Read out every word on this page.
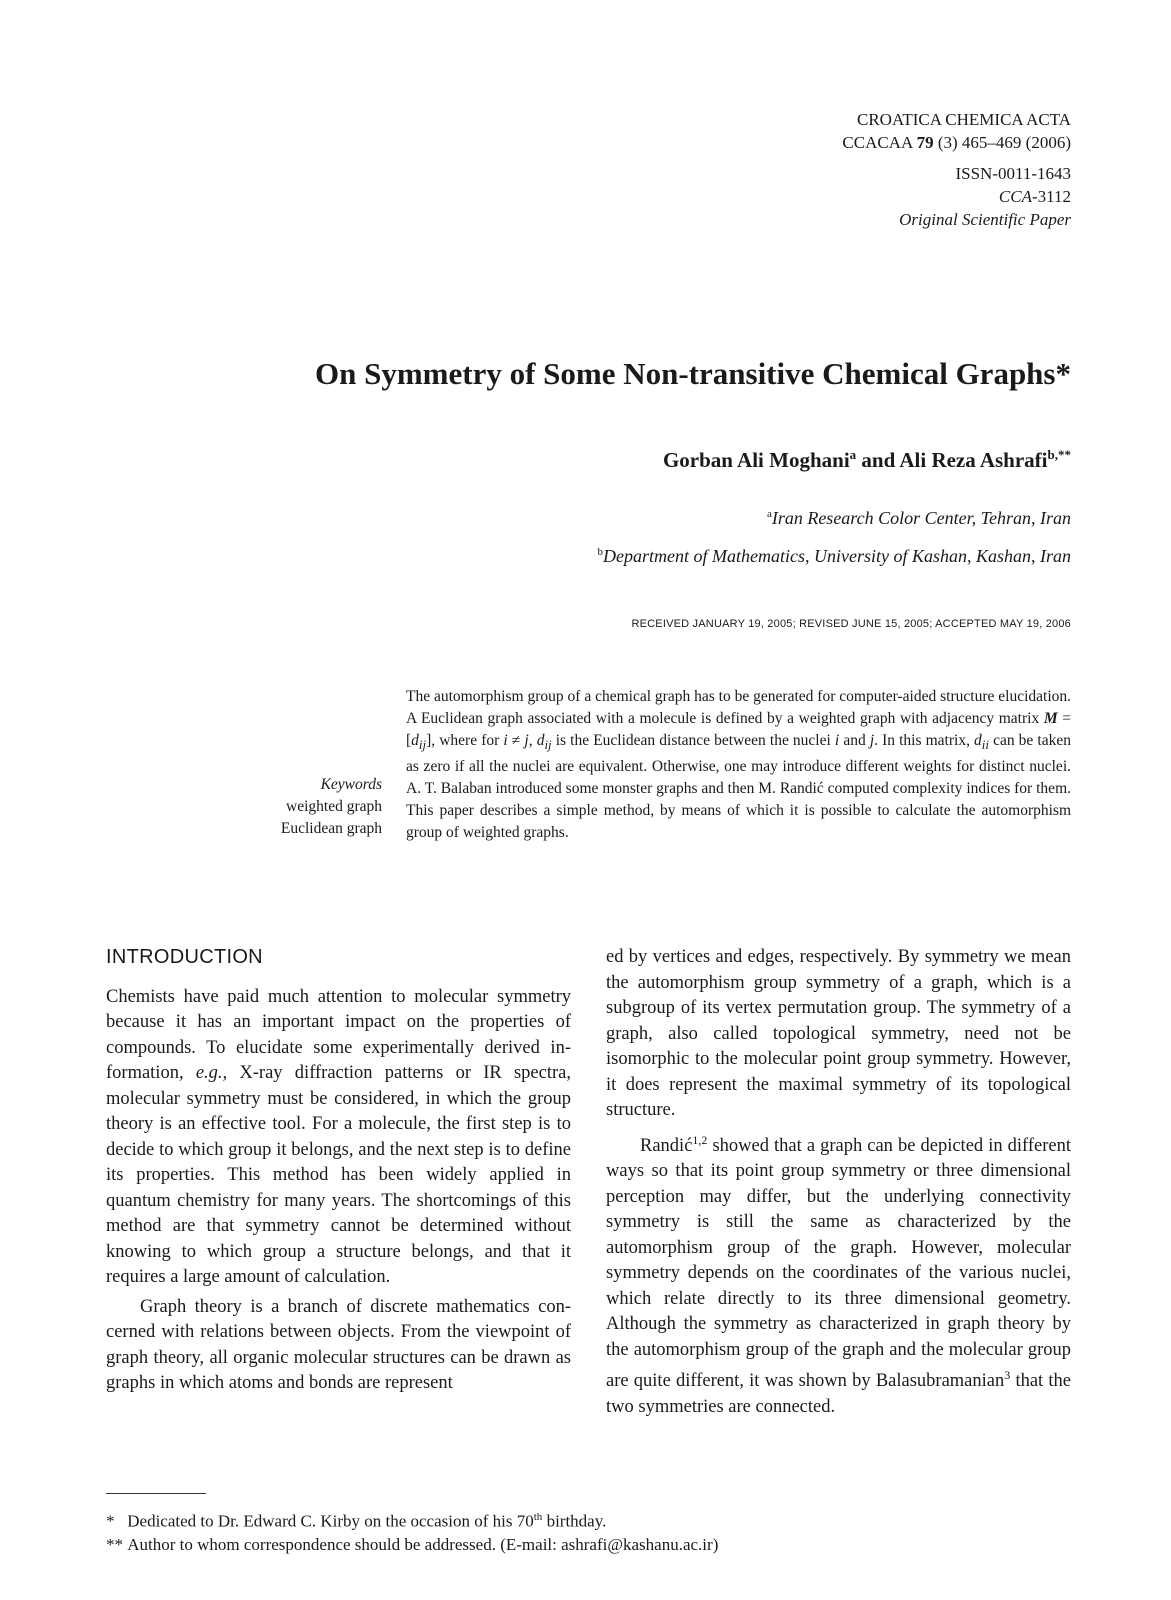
CROATICA CHEMICA ACTA
CCACAA 79 (3) 465–469 (2006)
ISSN-0011-1643
CCA-3112
Original Scientific Paper
On Symmetry of Some Non-transitive Chemical Graphs*
Gorban Ali Moghani$^a$ and Ali Reza Ashrafi$^{b,**}$
$^a$Iran Research Color Center, Tehran, Iran
$^b$Department of Mathematics, University of Kashan, Kashan, Iran
RECEIVED JANUARY 19, 2005; REVISED JUNE 15, 2005; ACCEPTED MAY 19, 2006
Keywords
weighted graph
Euclidean graph
The automorphism group of a chemical graph has to be generated for computer-aided structure elucidation. A Euclidean graph associated with a molecule is defined by a weighted graph with adjacency matrix $M = [d_{ij}]$, where for i ≠ j, $d_{ij}$ is the Euclidean distance between the nuclei i and j. In this matrix, $d_{ii}$ can be taken as zero if all the nuclei are equivalent. Otherwise, one may introduce different weights for distinct nuclei. A. T. Balaban introduced some monster graphs and then M. Randić computed complexity indices for them. This paper describes a simple method, by means of which it is possible to calculate the automorphism group of weighted graphs.
INTRODUCTION

Chemists have paid much attention to molecular symmetry because it has an important impact on the properties of compounds. To elucidate some experimentally derived information, e.g., X-ray diffraction patterns or IR spectra, molecular symmetry must be considered, in which the group theory is an effective tool. For a molecule, the first step is to decide to which group it belongs, and the next step is to define its properties. This method has been widely applied in quantum chemistry for many years. The shortcomings of this method are that symmetry cannot be determined without knowing to which group a structure belongs, and that it requires a large amount of calculation.

Graph theory is a branch of discrete mathematics concerned with relations between objects. From the viewpoint of graph theory, all organic molecular structures can be drawn as graphs in which atoms and bonds are represent

ed by vertices and edges, respectively. By symmetry we mean the automorphism group symmetry of a graph, which is a subgroup of its vertex permutation group. The symmetry of a graph, also called topological symmetry, need not be isomorphic to the molecular point group symmetry. However, it does represent the maximal symmetry of its topological structure.

Randić$^{1,2}$ showed that a graph can be depicted in different ways so that its point group symmetry or three dimensional perception may differ, but the underlying connectivity symmetry is still the same as characterized by the automorphism group of the graph. However, molecular symmetry depends on the coordinates of the various nuclei, which relate directly to its three dimensional geometry. Although the symmetry as characterized in graph theory by the automorphism group of the graph and the molecular group are quite different, it was shown by Balasubramanian$^3$ that the two symmetries are connected.

* Dedicated to Dr. Edward C. Kirby on the occasion of his 70th birthday.
** Author to whom correspondence should be addressed. (E-mail: ashrafi@kashanu.ac.ir)
